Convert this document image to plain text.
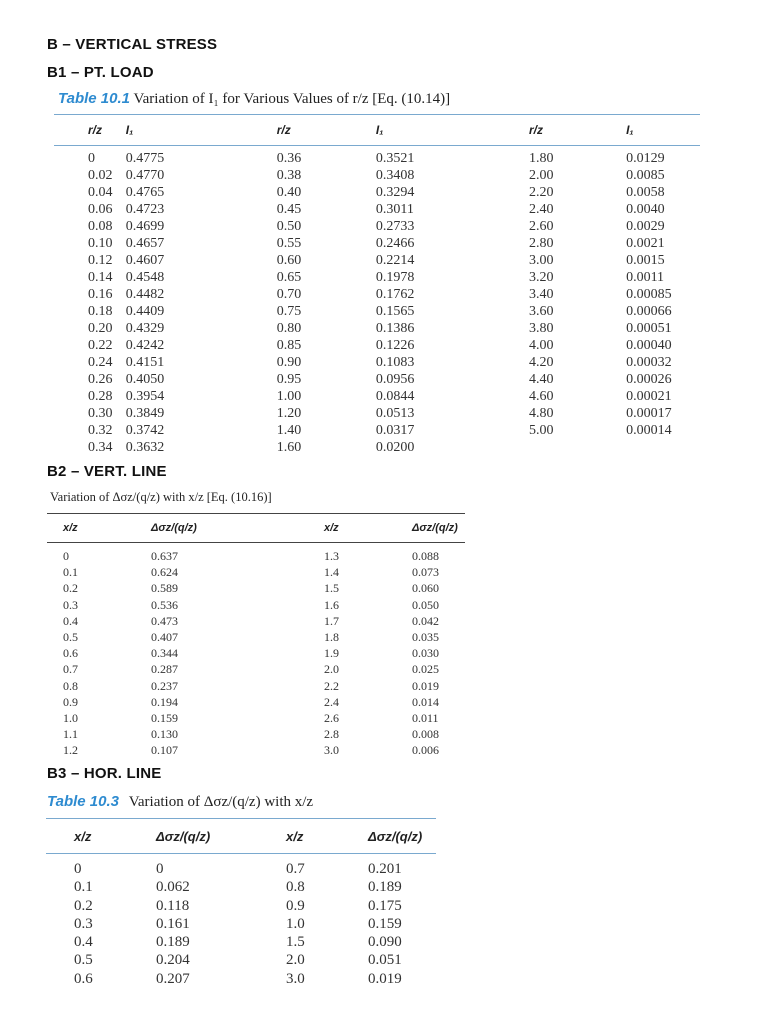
B – VERTICAL STRESS
B1 – PT. LOAD
Table 10.1 Variation of I₁ for Various Values of r/z [Eq. (10.14)]
r/z	I₁	r/z	I₁	r/z	I₁
0	0.4775	0.36	0.3521	1.80	0.0129
0.02	0.4770	0.38	0.3408	2.00	0.0085
0.04	0.4765	0.40	0.3294	2.20	0.0058
0.06	0.4723	0.45	0.3011	2.40	0.0040
0.08	0.4699	0.50	0.2733	2.60	0.0029
0.10	0.4657	0.55	0.2466	2.80	0.0021
0.12	0.4607	0.60	0.2214	3.00	0.0015
0.14	0.4548	0.65	0.1978	3.20	0.0011
0.16	0.4482	0.70	0.1762	3.40	0.00085
0.18	0.4409	0.75	0.1565	3.60	0.00066
0.20	0.4329	0.80	0.1386	3.80	0.00051
0.22	0.4242	0.85	0.1226	4.00	0.00040
0.24	0.4151	0.90	0.1083	4.20	0.00032
0.26	0.4050	0.95	0.0956	4.40	0.00026
0.28	0.3954	1.00	0.0844	4.60	0.00021
0.30	0.3849	1.20	0.0513	4.80	0.00017
0.32	0.3742	1.40	0.0317	5.00	0.00014
0.34	0.3632	1.60	0.0200		
B2 – VERT. LINE
Variation of Δσz/(q/z) with x/z [Eq. (10.16)]
x/z	Δσz/(q/z)	x/z	Δσz/(q/z)
0	0.637	1.3	0.088
0.1	0.624	1.4	0.073
0.2	0.589	1.5	0.060
0.3	0.536	1.6	0.050
0.4	0.473	1.7	0.042
0.5	0.407	1.8	0.035
0.6	0.344	1.9	0.030
0.7	0.287	2.0	0.025
0.8	0.237	2.2	0.019
0.9	0.194	2.4	0.014
1.0	0.159	2.6	0.011
1.1	0.130	2.8	0.008
1.2	0.107	3.0	0.006
B3 – HOR. LINE
Table 10.3 Variation of Δσz/(q/z) with x/z
x/z	Δσz/(q/z)	x/z	Δσz/(q/z)
0	0	0.7	0.201
0.1	0.062	0.8	0.189
0.2	0.118	0.9	0.175
0.3	0.161	1.0	0.159
0.4	0.189	1.5	0.090
0.5	0.204	2.0	0.051
0.6	0.207	3.0	0.019
